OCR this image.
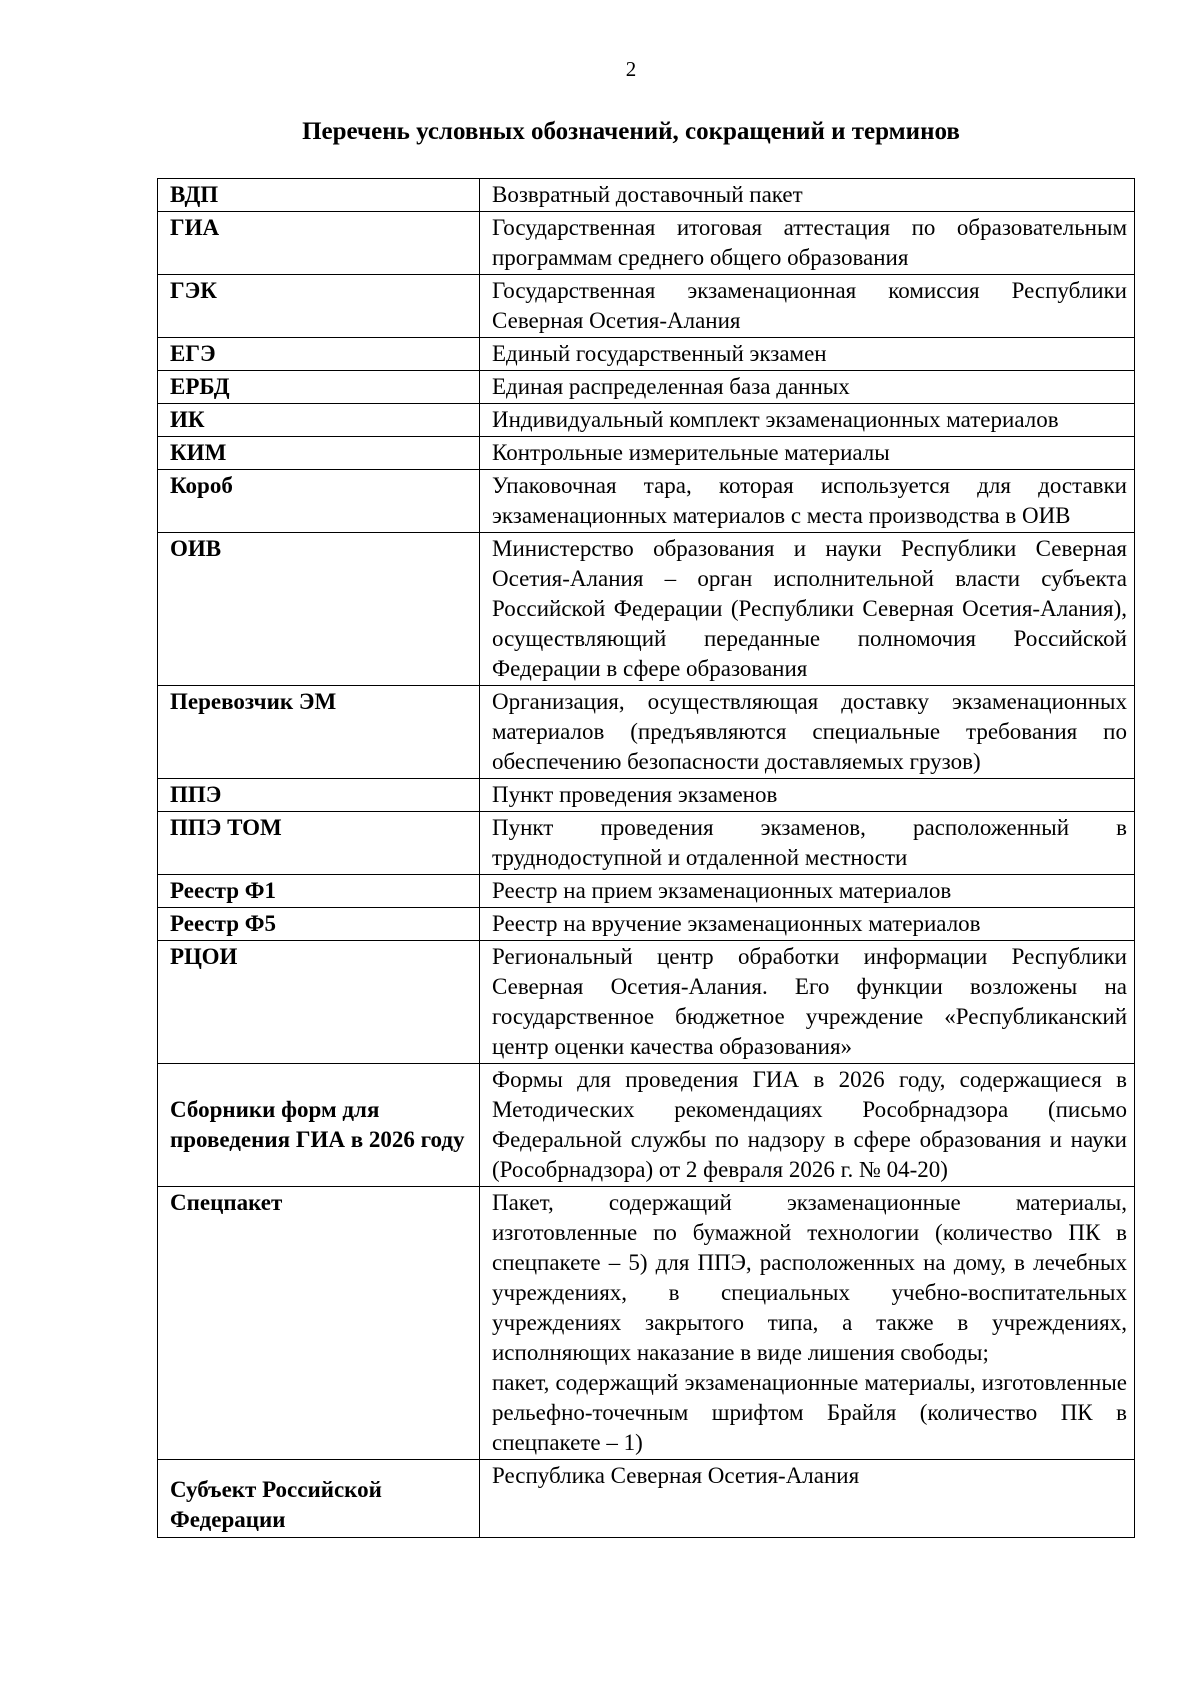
2
Перечень условных обозначений, сокращений и терминов
ВДП	Возвратный доставочный пакет
ГИА	Государственная итоговая аттестация по образовательным программам среднего общего образования
ГЭК	Государственная экзаменационная комиссия Республики Северная Осетия-Алания
ЕГЭ	Единый государственный экзамен
ЕРБД	Единая распределенная база данных
ИК	Индивидуальный комплект экзаменационных материалов
КИМ	Контрольные измерительные материалы
Короб	Упаковочная тара, которая используется для доставки экзаменационных материалов с места производства в ОИВ
ОИВ	Министерство образования и науки Республики Северная Осетия-Алания – орган исполнительной власти субъекта Российской Федерации (Республики Северная Осетия-Алания), осуществляющий переданные полномочия Российской Федерации в сфере образования
Перевозчик ЭМ	Организация, осуществляющая доставку экзаменационных материалов (предъявляются специальные требования по обеспечению безопасности доставляемых грузов)
ППЭ	Пункт проведения экзаменов
ППЭ ТОМ	Пункт проведения экзаменов, расположенный в труднодоступной и отдаленной местности
Реестр Ф1	Реестр на прием экзаменационных материалов
Реестр Ф5	Реестр на вручение экзаменационных материалов
РЦОИ	Региональный центр обработки информации Республики Северная Осетия-Алания. Его функции возложены на государственное бюджетное учреждение «Республиканский центр оценки качества образования»
Сборники форм для проведения ГИА в 2026 году	Формы для проведения ГИА в 2026 году, содержащиеся в Методических рекомендациях Рособрнадзора (письмо Федеральной службы по надзору в сфере образования и науки (Рособрнадзора) от 2 февраля 2026 г. № 04-20)
Спецпакет	Пакет, содержащий экзаменационные материалы, изготовленные по бумажной технологии (количество ПК в спецпакете – 5) для ППЭ, расположенных на дому, в лечебных учреждениях, в специальных учебно-воспитательных учреждениях закрытого типа, а также в учреждениях, исполняющих наказание в виде лишения свободы;
пакет, содержащий экзаменационные материалы, изготовленные рельефно-точечным шрифтом Брайля (количество ПК в спецпакете – 1)

Субъект Российской Федерации	Республика Северная Осетия-Алания
